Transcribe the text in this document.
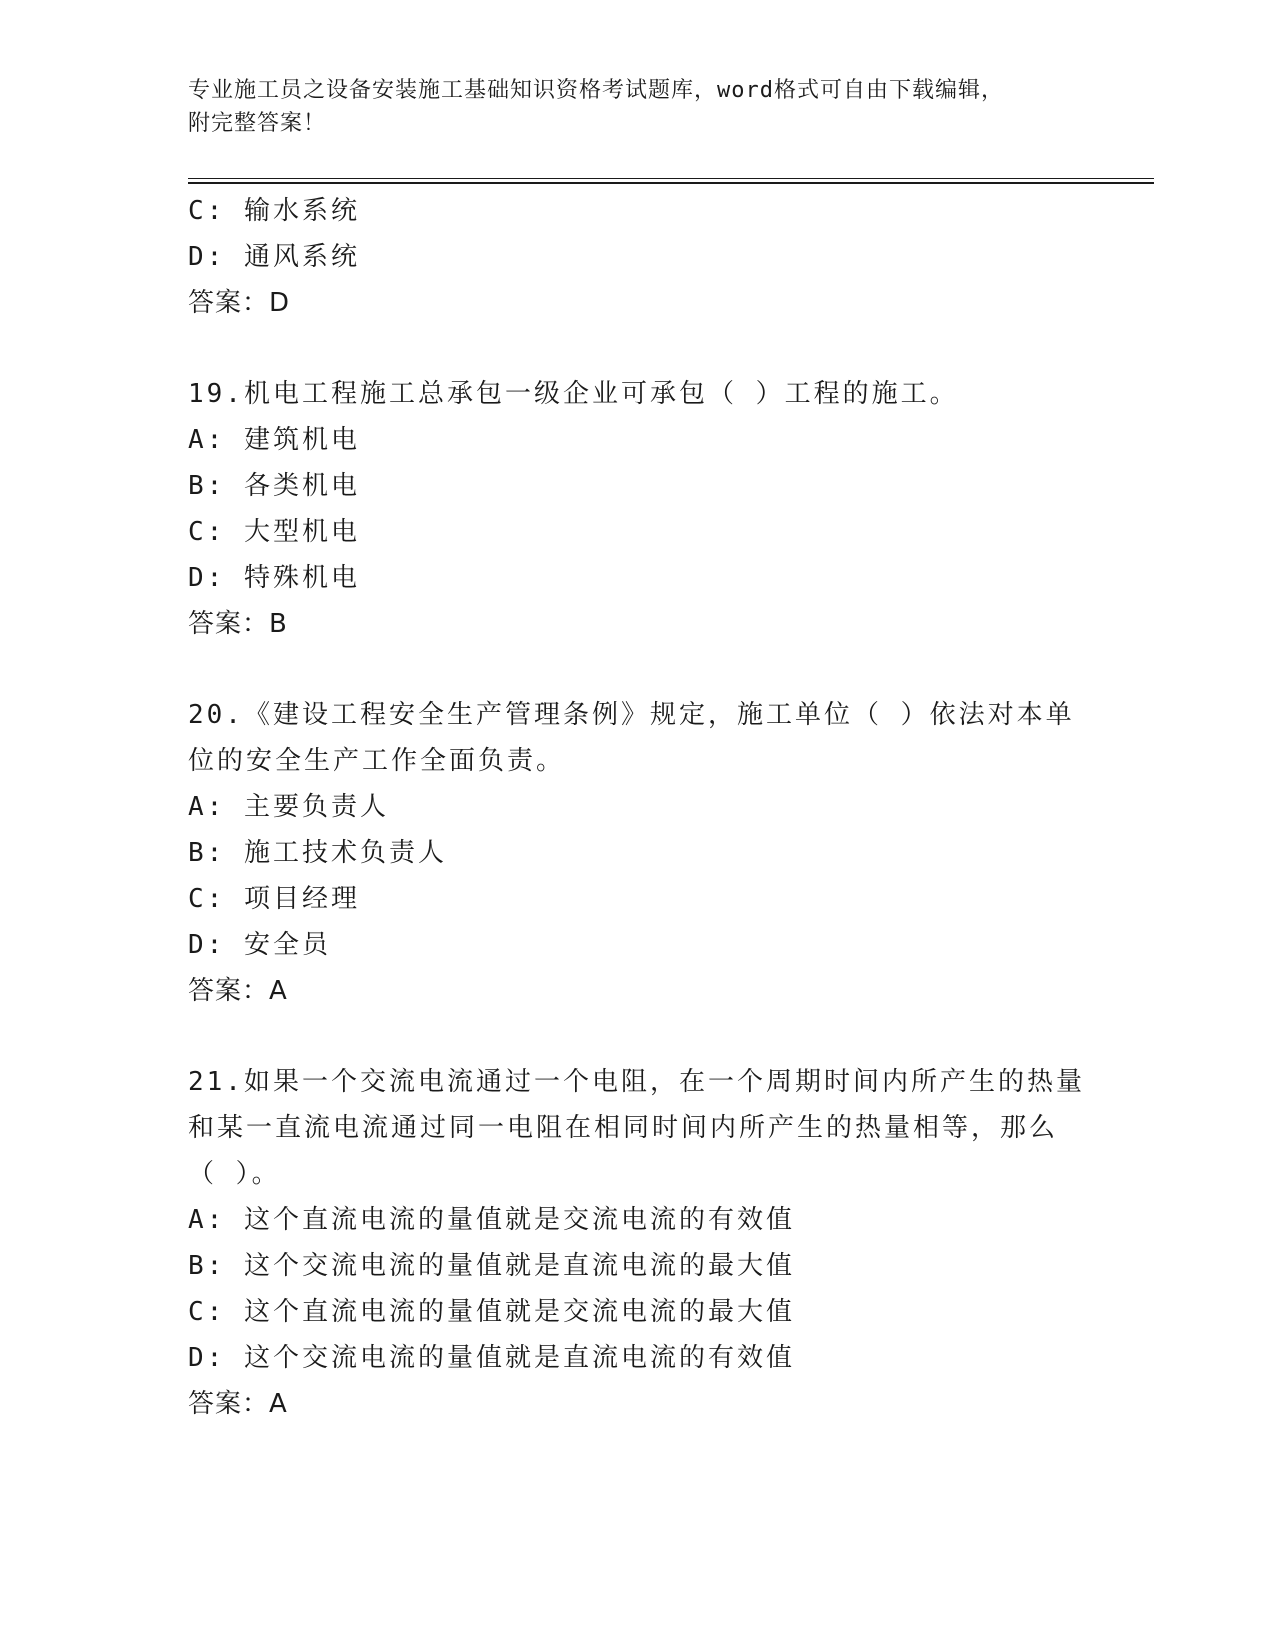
专业施工员之设备安装施工基础知识资格考试题库，word格式可自由下载编辑，
附完整答案！
C: 输水系统
D: 通风系统
答案：D
19.机电工程施工总承包一级企业可承包（ ）工程的施工。
A: 建筑机电
B: 各类机电
C: 大型机电
D: 特殊机电
答案：B
20.《建设工程安全生产管理条例》规定，施工单位（ ）依法对本单
位的安全生产工作全面负责。
A: 主要负责人
B: 施工技术负责人
C: 项目经理
D: 安全员
答案：A
21.如果一个交流电流通过一个电阻，在一个周期时间内所产生的热量
和某一直流电流通过同一电阻在相同时间内所产生的热量相等，那么
（ ）。
A: 这个直流电流的量值就是交流电流的有效值
B: 这个交流电流的量值就是直流电流的最大值
C: 这个直流电流的量值就是交流电流的最大值
D: 这个交流电流的量值就是直流电流的有效值
答案：A
